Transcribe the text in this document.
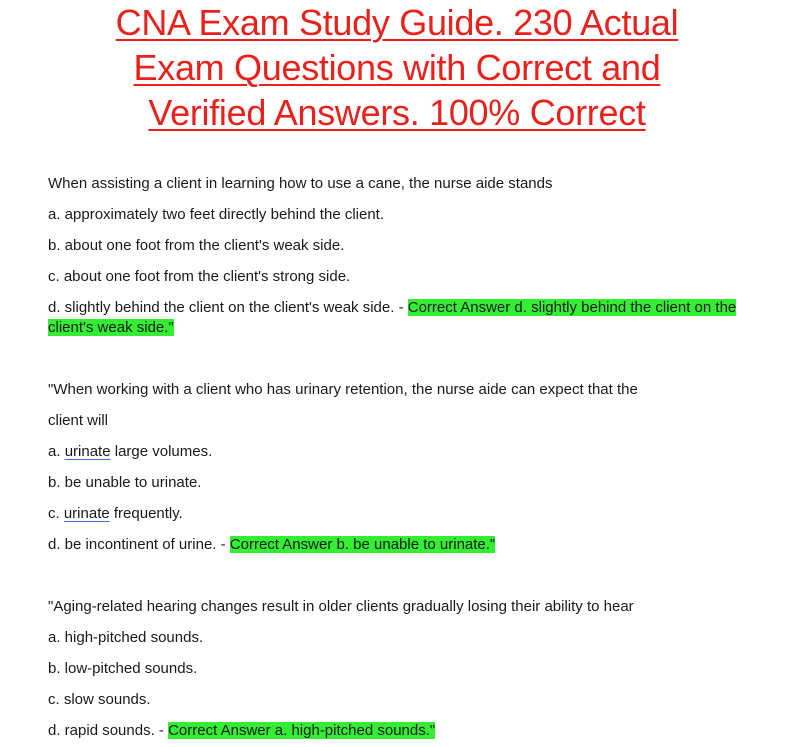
CNA Exam Study Guide. 230 Actual
Exam Questions with Correct and
Verified Answers. 100% Correct
When assisting a client in learning how to use a cane, the nurse aide stands
a. approximately two feet directly behind the client.
b. about one foot from the client's weak side.
c. about one foot from the client's strong side.
d. slightly behind the client on the client's weak side. - Correct Answer d. slightly behind the client on the client's weak side."
"When working with a client who has urinary retention, the nurse aide can expect that the
client will
a. urinate large volumes.
b. be unable to urinate.
c. urinate frequently.
d. be incontinent of urine. - Correct Answer b. be unable to urinate."
"Aging-related hearing changes result in older clients gradually losing their ability to hear
a. high-pitched sounds.
b. low-pitched sounds.
c. slow sounds.
d. rapid sounds. - Correct Answer a. high-pitched sounds."
